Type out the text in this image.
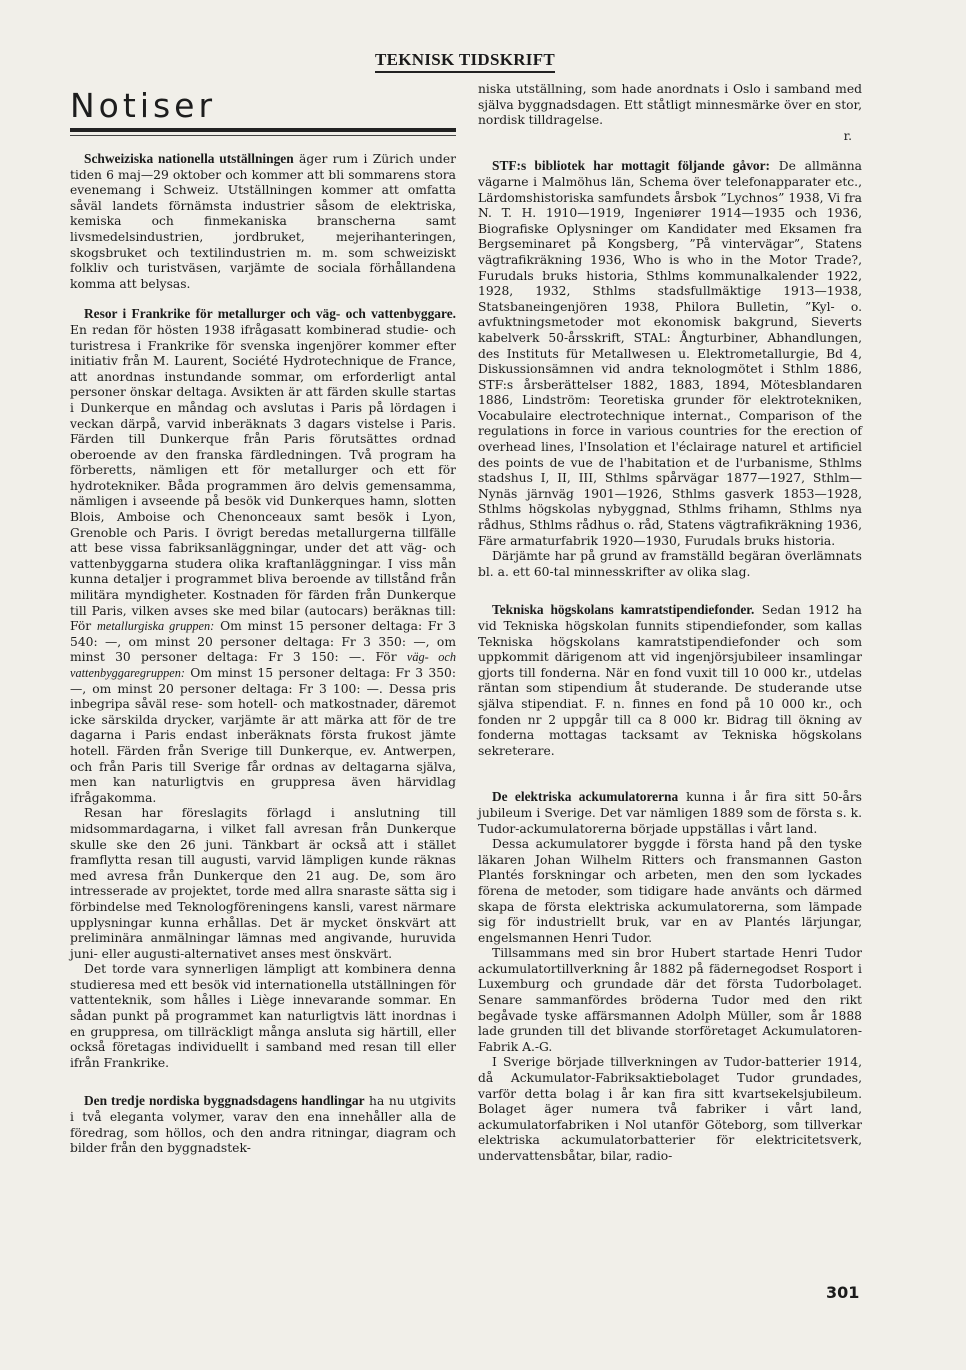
TEKNISK TIDSKRIFT
Notiser

Schweiziska nationella utställningen äger rum i Zürich under tiden 6 maj—29 oktober och kommer att bli sommarens stora evenemang i Schweiz. Utställningen kommer att omfatta såväl landets förnämsta industrier såsom de elektriska, kemiska och finmekaniska branscherna samt livsmedelsindustrien, jordbruket, mejerihanteringen, skogsbruket och textilindustrien m. m. som schweiziskt folkliv och turistväsen, varjämte de sociala förhållandena komma att belysas.

Resor i Frankrike för metallurger och väg- och vattenbyggare. En redan för hösten 1938 ifrågasatt kombinerad studie- och turistresa i Frankrike för svenska ingenjörer kommer efter initiativ från M. Laurent, Société Hydrotechnique de France, att anordnas instundande sommar, om erforderligt antal personer önskar deltaga. Avsikten är att färden skulle startas i Dunkerque en måndag och avslutas i Paris på lördagen i veckan därpå, varvid inberäknats 3 dagars vistelse i Paris. Färden till Dunkerque från Paris förutsättes ordnad oberoende av den franska färdledningen. Två program ha förberetts, nämligen ett för metallurger och ett för hydrotekniker. Båda programmen äro delvis gemensamma, nämligen i avseende på besök vid Dunkerques hamn, slotten Blois, Amboise och Chenonceaux samt besök i Lyon, Grenoble och Paris. I övrigt beredas metallurgerna tillfälle att bese vissa fabriksanläggningar, under det att väg- och vattenbyggarna studera olika kraftanläggningar. I viss mån kunna detaljer i programmet bliva beroende av tillstånd från militära myndigheter. Kostnaden för färden från Dunkerque till Paris, vilken avses ske med bilar (autocars) beräknas till: För metallurgiska gruppen: Om minst 15 personer deltaga: Fr 3 540: —, om minst 20 personer deltaga: Fr 3 350: —, om minst 30 personer deltaga: Fr 3 150: —. För väg- och vattenbyggaregruppen: Om minst 15 personer deltaga: Fr 3 350: —, om minst 20 personer deltaga: Fr 3 100: —. Dessa pris inbegripa såväl rese- som hotell- och matkostnader, däremot icke särskilda drycker, varjämte är att märka att för de tre dagarna i Paris endast inberäknats första frukost jämte hotell. Färden från Sverige till Dunkerque, ev. Antwerpen, och från Paris till Sverige får ordnas av deltagarna själva, men kan naturligtvis en gruppresa även härvidlag ifrågakomma.

Resan har föreslagits förlagd i anslutning till midsommardagarna, i vilket fall avresan från Dunkerque skulle ske den 26 juni. Tänkbart är också att i stället framflytta resan till augusti, varvid lämpligen kunde räknas med avresa från Dunkerque den 21 aug. De, som äro intresserade av projektet, torde med allra snaraste sätta sig i förbindelse med Teknologföreningens kansli, varest närmare upplysningar kunna erhållas. Det är mycket önskvärt att preliminära anmälningar lämnas med angivande, huruvida juni- eller augusti-alternativet anses mest önskvärt.

Det torde vara synnerligen lämpligt att kombinera denna studieresa med ett besök vid internationella utställningen för vattenteknik, som hålles i Liège innevarande sommar. En sådan punkt på programmet kan naturligtvis lätt inordnas i en gruppresa, om tillräckligt många ansluta sig härtill, eller också företagas individuellt i samband med resan till eller ifrån Frankrike.

Den tredje nordiska byggnadsdagens handlingar ha nu utgivits i två eleganta volymer, varav den ena innehåller alla de föredrag, som höllos, och den andra ritningar, diagram och bilder från den byggnadstek-

niska utställning, som hade anordnats i Oslo i samband med själva byggnadsdagen. Ett ståtligt minnesmärke över en stor, nordisk tilldragelse.

r.

STF:s bibliotek har mottagit följande gåvor: De allmänna vägarne i Malmöhus län, Schema över telefonapparater etc., Lärdomshistoriska samfundets årsbok ”Lychnos” 1938, Vi fra N. T. H. 1910—1919, Ingeniører 1914—1935 och 1936, Biografiske Oplysninger om Kandidater med Eksamen fra Bergseminaret på Kongsberg, ”På vintervägar”, Statens vägtrafikräkning 1936, Who is who in the Motor Trade?, Furudals bruks historia, Sthlms kommunalkalender 1922, 1928, 1932, Sthlms stadsfullmäktige 1913—1938, Statsbaneingenjören 1938, Philora Bulletin, ”Kyl- o. avfuktningsmetoder mot ekonomisk bakgrund, Sieverts kabelverk 50-årsskrift, STAL: Ångturbiner, Abhandlungen, des Instituts für Metallwesen u. Elektrometallurgie, Bd 4, Diskussionsämnen vid andra teknologmötet i Sthlm 1886, STF:s årsberättelser 1882, 1883, 1894, Mötesblandaren 1886, Lindström: Teoretiska grunder för elektrotekniken, Vocabulaire electrotechnique internat., Comparison of the regulations in force in various countries for the erection of overhead lines, l'Insolation et l'éclairage naturel et artificiel des points de vue de l'habitation et de l'urbanisme, Sthlms stadshus I, II, III, Sthlms spårvägar 1877—1927, Sthlm—Nynäs järnväg 1901—1926, Sthlms gasverk 1853—1928, Sthlms högskolas nybyggnad, Sthlms frihamn, Sthlms nya rådhus, Sthlms rådhus o. råd, Statens vägtrafikräkning 1936, Färe armaturfabrik 1920—1930, Furudals bruks historia.

Därjämte har på grund av framställd begäran överlämnats bl. a. ett 60-tal minnesskrifter av olika slag.

Tekniska högskolans kamratstipendiefonder. Sedan 1912 ha vid Tekniska högskolan funnits stipendiefonder, som kallas Tekniska högskolans kamratstipendiefonder och som uppkommit därigenom att vid ingenjörsjubileer insamlingar gjorts till fonderna. När en fond vuxit till 10 000 kr., utdelas räntan som stipendium åt studerande. De studerande utse själva stipendiat. F. n. finnes en fond på 10 000 kr., och fonden nr 2 uppgår till ca 8 000 kr. Bidrag till ökning av fonderna mottagas tacksamt av Tekniska högskolans sekreterare.

De elektriska ackumulatorerna kunna i år fira sitt 50-års jubileum i Sverige. Det var nämligen 1889 som de första s. k. Tudor-ackumulatorerna började uppställas i vårt land.

Dessa ackumulatorer byggde i första hand på den tyske läkaren Johan Wilhelm Ritters och fransmannen Gaston Plantés forskningar och arbeten, men den som lyckades förena de metoder, som tidigare hade använts och därmed skapa de första elektriska ackumulatorerna, som lämpade sig för industriellt bruk, var en av Plantés lärjungar, engelsmannen Henri Tudor.

Tillsammans med sin bror Hubert startade Henri Tudor ackumulatortillverkning år 1882 på fädernegodset Rosport i Luxemburg och grundade där det första Tudorbolaget. Senare sammanfördes bröderna Tudor med den rikt begåvade tyske affärsmannen Adolph Müller, som år 1888 lade grunden till det blivande storföretaget Ackumulatoren-Fabrik A.-G.

I Sverige började tillverkningen av Tudor-batterier 1914, då Ackumulator-Fabriksaktiebolaget Tudor grundades, varför detta bolag i år kan fira sitt kvartsekelsjubileum. Bolaget äger numera två fabriker i vårt land, ackumulatorfabriken i Nol utanför Göteborg, som tillverkar elektriska ackumulatorbatterier för elektricitetsverk, undervattensbåtar, bilar, radio-

301
